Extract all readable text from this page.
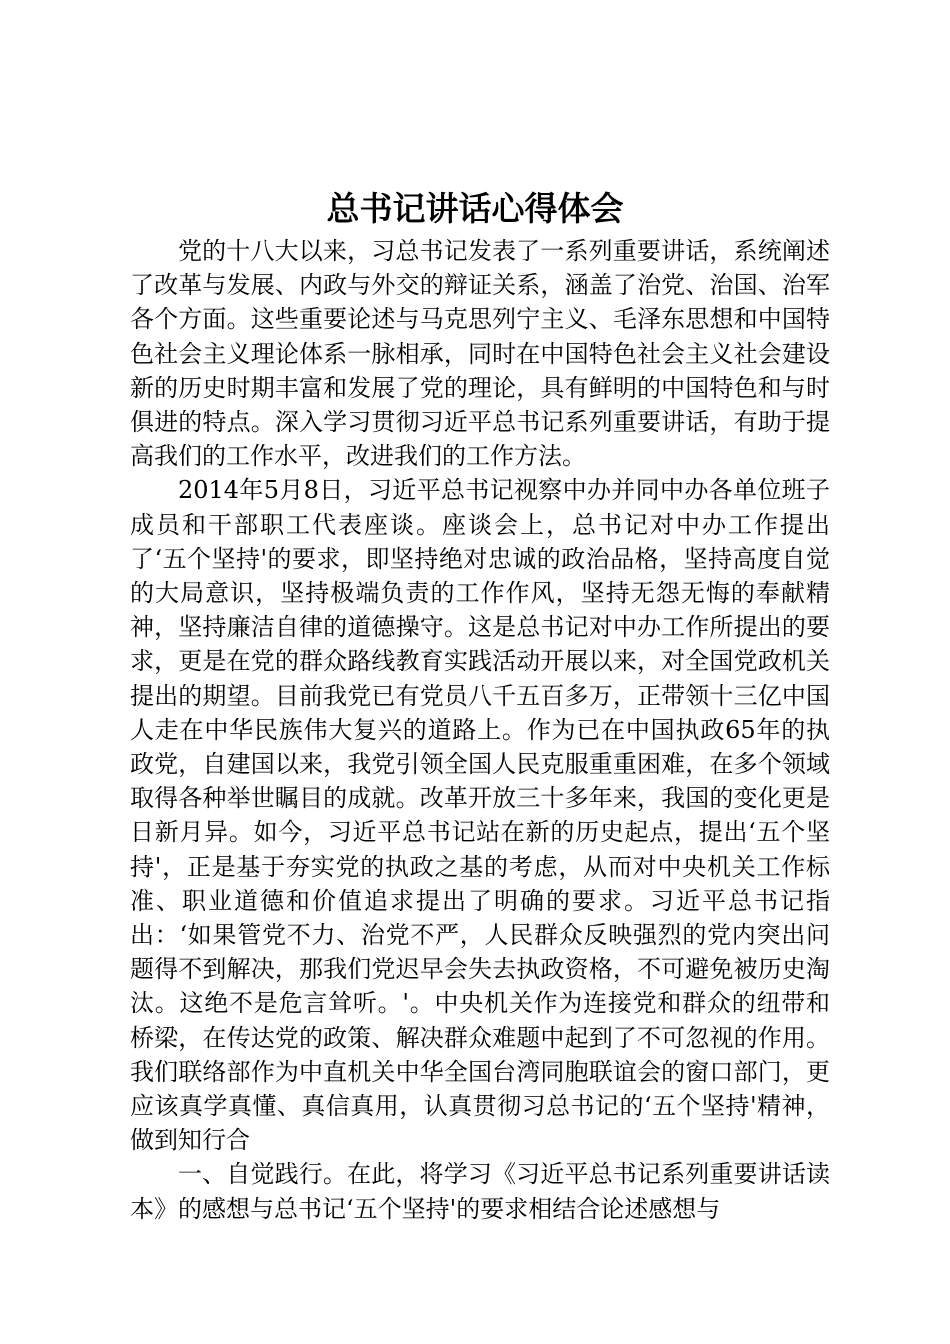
总书记讲话心得体会

党的十八大以来，习总书记发表了一系列重要讲话，系统阐述了改革与发展、内政与外交的辩证关系，涵盖了治党、治国、治军各个方面。这些重要论述与马克思列宁主义、毛泽东思想和中国特色社会主义理论体系一脉相承，同时在中国特色社会主义社会建设新的历史时期丰富和发展了党的理论，具有鲜明的中国特色和与时俱进的特点。深入学习贯彻习近平总书记系列重要讲话，有助于提高我们的工作水平，改进我们的工作方法。

2014年5月8日，习近平总书记视察中办并同中办各单位班子成员和干部职工代表座谈。座谈会上，总书记对中办工作提出了‘五个坚持'的要求，即坚持绝对忠诚的政治品格，坚持高度自觉的大局意识，坚持极端负责的工作作风，坚持无怨无悔的奉献精神，坚持廉洁自律的道德操守。这是总书记对中办工作所提出的要求，更是在党的群众路线教育实践活动开展以来，对全国党政机关提出的期望。目前我党已有党员八千五百多万，正带领十三亿中国人走在中华民族伟大复兴的道路上。作为已在中国执政65年的执政党，自建国以来，我党引领全国人民克服重重困难，在多个领域取得各种举世瞩目的成就。改革开放三十多年来，我国的变化更是日新月异。如今，习近平总书记站在新的历史起点，提出‘五个坚持'，正是基于夯实党的执政之基的考虑，从而对中央机关工作标准、职业道德和价值追求提出了明确的要求。习近平总书记指出：‘如果管党不力、治党不严，人民群众反映强烈的党内突出问题得不到解决，那我们党迟早会失去执政资格，不可避免被历史淘汰。这绝不是危言耸听。'。中央机关作为连接党和群众的纽带和桥梁，在传达党的政策、解决群众难题中起到了不可忽视的作用。我们联络部作为中直机关中华全国台湾同胞联谊会的窗口部门，更应该真学真懂、真信真用，认真贯彻习总书记的‘五个坚持'精神，做到知行合

一、自觉践行。在此，将学习《习近平总书记系列重要讲话读本》的感想与总书记‘五个坚持'的要求相结合论述感想与
